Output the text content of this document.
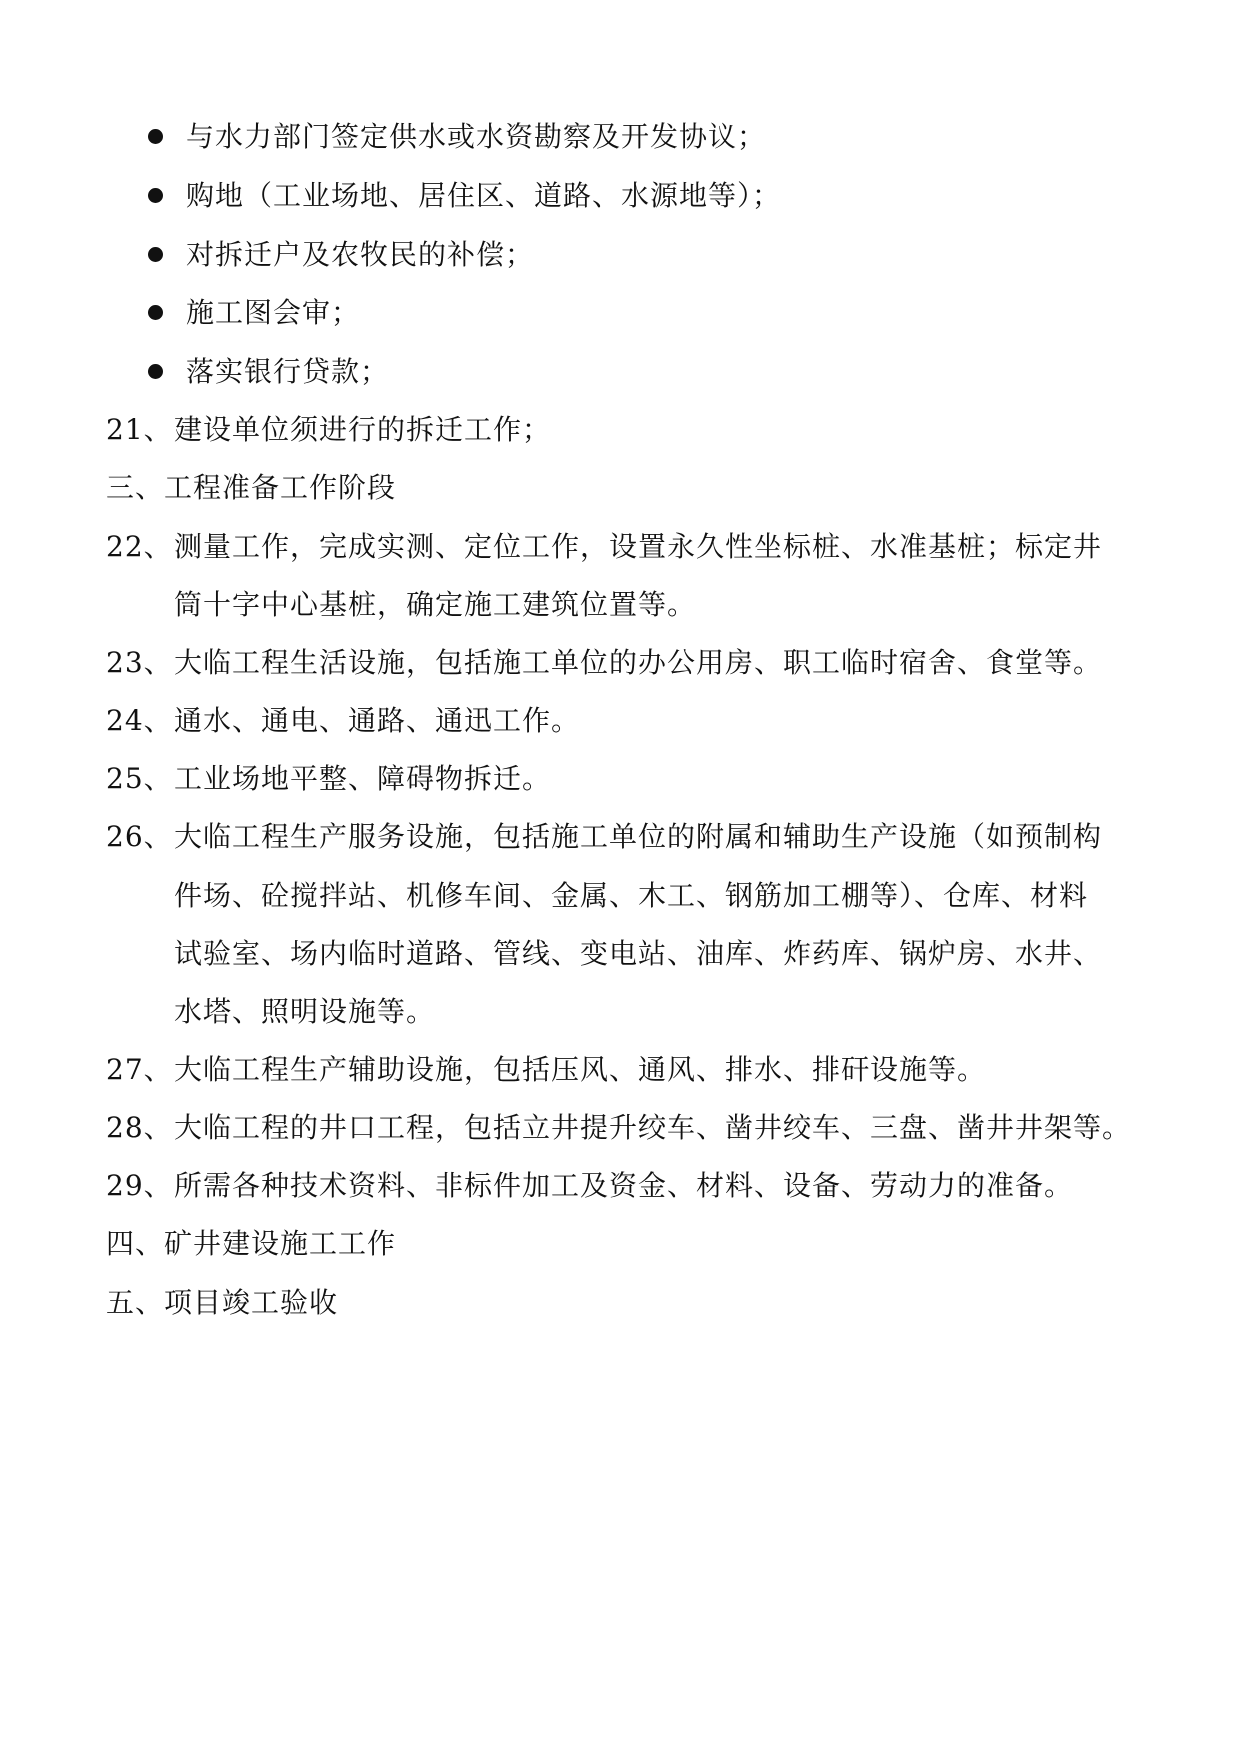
与水力部门签定供水或水资勘察及开发协议；
购地（工业场地、居住区、道路、水源地等）；
对拆迁户及农牧民的补偿；
施工图会审；
落实银行贷款；
21、 建设单位须进行的拆迁工作；
三、工程准备工作阶段
22、 测量工作，完成实测、定位工作，设置永久性坐标桩、水准基桩；标定井
筒十字中心基桩，确定施工建筑位置等。
23、 大临工程生活设施，包括施工单位的办公用房、职工临时宿舍、食堂等。
24、 通水、通电、通路、通迅工作。
25、 工业场地平整、障碍物拆迁。
26、 大临工程生产服务设施，包括施工单位的附属和辅助生产设施（如预制构
件场、砼搅拌站、机修车间、金属、木工、钢筋加工棚等）、仓库、材料
试验室、场内临时道路、管线、变电站、油库、炸药库、锅炉房、水井、
水塔、照明设施等。
27、 大临工程生产辅助设施，包括压风、通风、排水、排矸设施等。
28、 大临工程的井口工程，包括立井提升绞车、凿井绞车、三盘、凿井井架等。
29、 所需各种技术资料、非标件加工及资金、材料、设备、劳动力的准备。
四、矿井建设施工工作
五、项目竣工验收
